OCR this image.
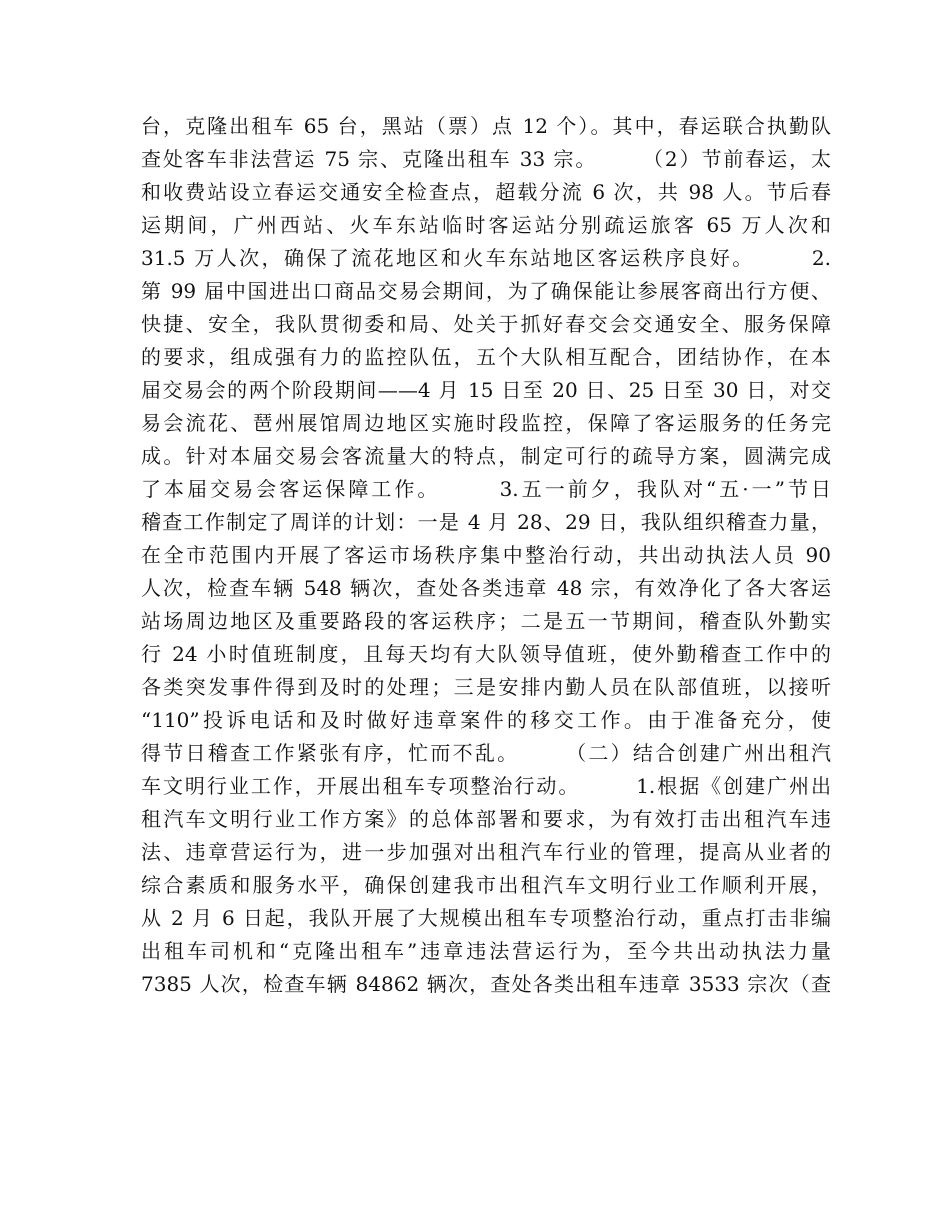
台，克隆出租车 65 台，黑站（票）点 12 个）。其中，春运联合执勤队
查处客车非法营运 75 宗、克隆出租车 33 宗。　　　（2）节前春运，太
和收费站设立春运交通安全检查点，超载分流 6 次，共 98 人。节后春
运期间，广州西站、火车东站临时客运站分别疏运旅客 65 万人次和
31.5 万人次，确保了流花地区和火车东站地区客运秩序良好。　　　2.
第 99 届中国进出口商品交易会期间，为了确保能让参展客商出行方便、
快捷、安全，我队贯彻委和局、处关于抓好春交会交通安全、服务保障
的要求，组成强有力的监控队伍，五个大队相互配合，团结协作，在本
届交易会的两个阶段期间——4 月 15 日至 20 日、25 日至 30 日，对交
易会流花、琶州展馆周边地区实施时段监控，保障了客运服务的任务完
成。针对本届交易会客流量大的特点，制定可行的疏导方案，圆满完成
了本届交易会客运保障工作。　　　3.五一前夕，我队对“五·一”节日
稽查工作制定了周详的计划：一是 4 月 28、29 日，我队组织稽查力量，
在全市范围内开展了客运市场秩序集中整治行动，共出动执法人员 90
人次，检查车辆 548 辆次，查处各类违章 48 宗，有效净化了各大客运
站场周边地区及重要路段的客运秩序；二是五一节期间，稽查队外勤实
行 24 小时值班制度，且每天均有大队领导值班，使外勤稽查工作中的
各类突发事件得到及时的处理；三是安排内勤人员在队部值班，以接听
“110”投诉电话和及时做好违章案件的移交工作。由于准备充分，使
得节日稽查工作紧张有序，忙而不乱。　　　（二）结合创建广州出租汽
车文明行业工作，开展出租车专项整治行动。　　　1.根据《创建广州出
租汽车文明行业工作方案》的总体部署和要求，为有效打击出租汽车违
法、违章营运行为，进一步加强对出租汽车行业的管理，提高从业者的
综合素质和服务水平，确保创建我市出租汽车文明行业工作顺利开展，
从 2 月 6 日起，我队开展了大规模出租车专项整治行动，重点打击非编
出租车司机和“克隆出租车”违章违法营运行为，至今共出动执法力量
7385 人次，检查车辆 84862 辆次，查处各类出租车违章 3533 宗次（查
